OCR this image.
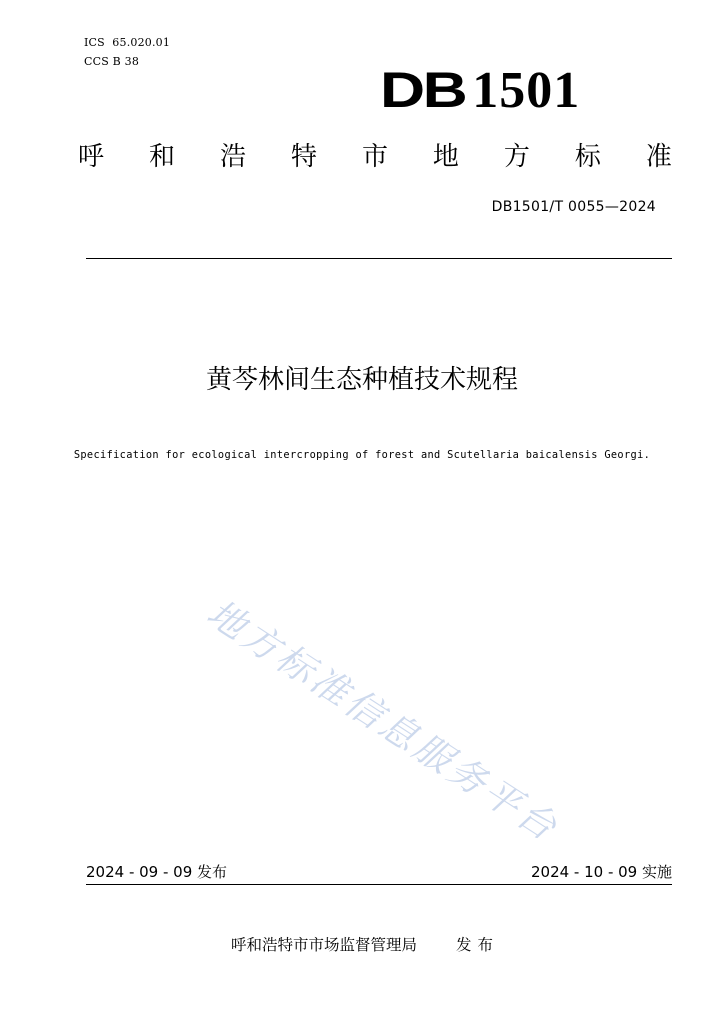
ICS  65.020.01
CCS B 38
DB 1501
呼 和 浩 特 市 地 方 标 准
DB1501/T 0055—2024
黄芩林间生态种植技术规程
Specification for ecological intercropping of forest and Scutellaria baicalensis Georgi.
地方标准信息服务平台
2024 - 09 - 09 发布	2024 - 10 - 09 实施
呼和浩特市市场监督管理局	发布
